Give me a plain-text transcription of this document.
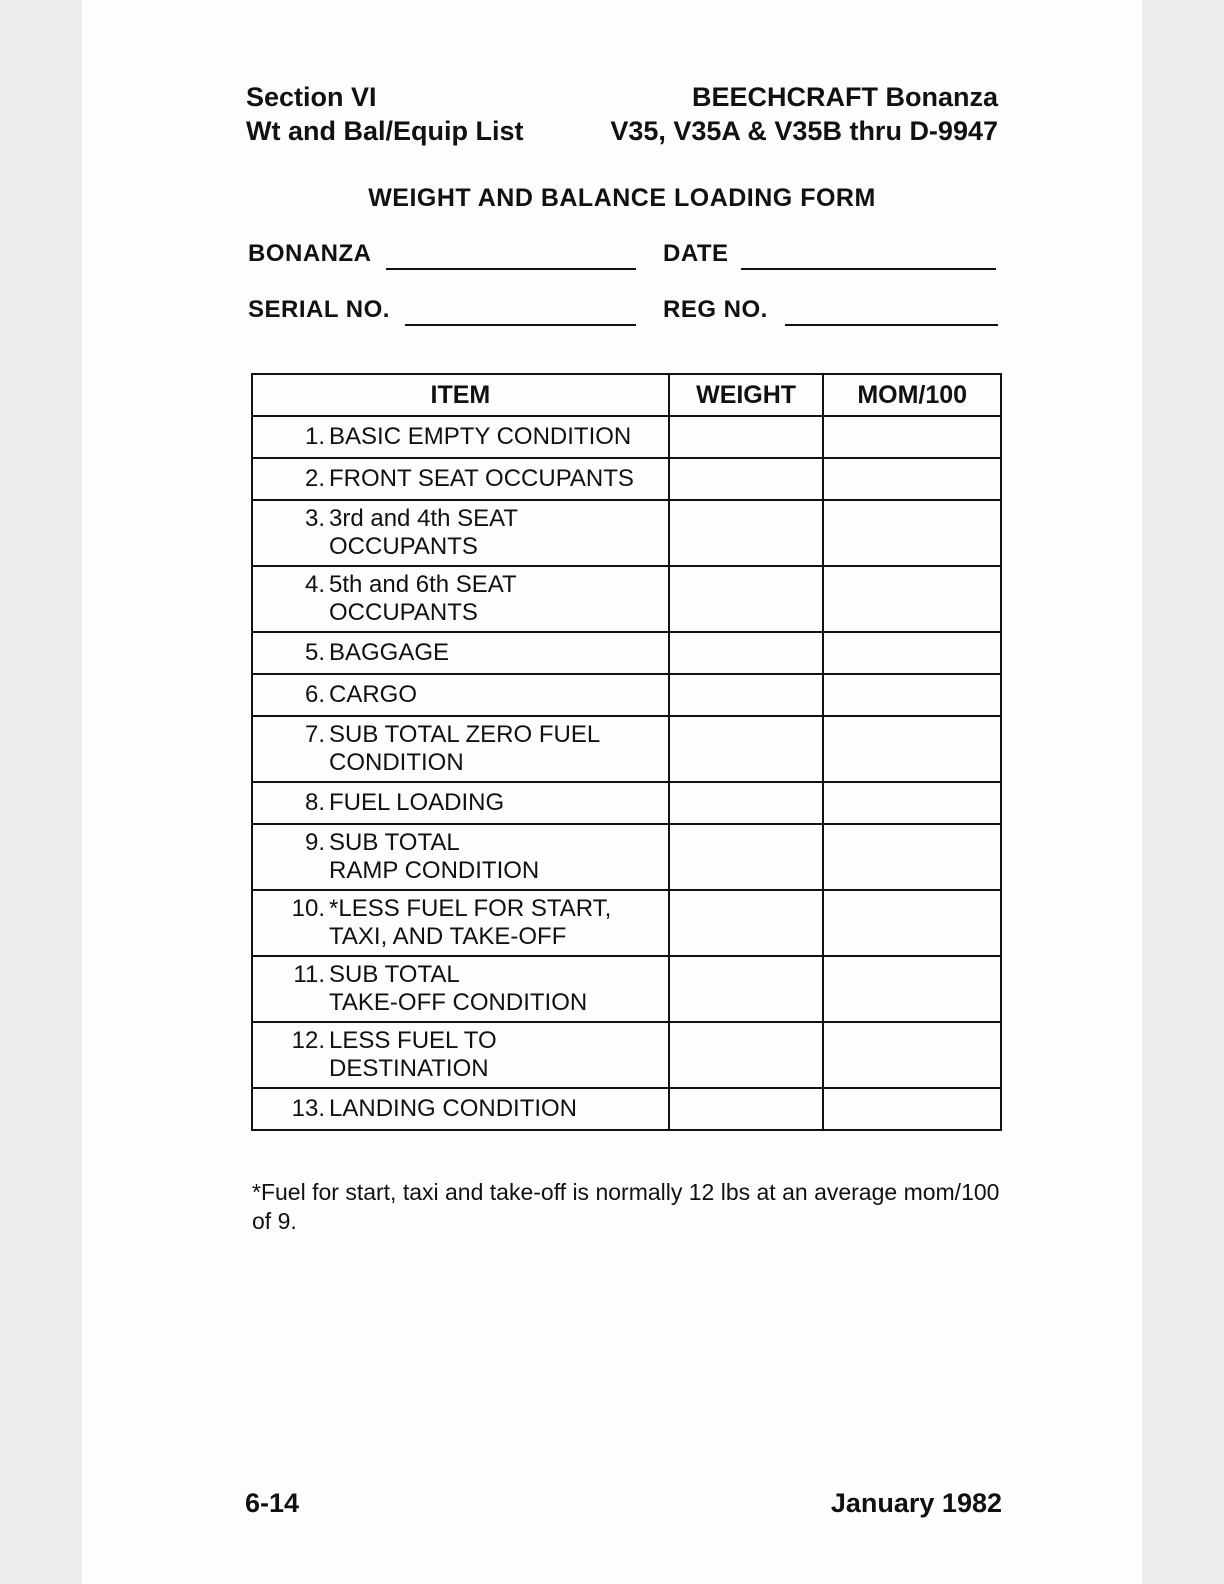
Section VI
Wt and Bal/Equip List
BEECHCRAFT Bonanza
V35, V35A & V35B thru D-9947
WEIGHT AND BALANCE LOADING FORM
BONANZA	DATE
SERIAL NO.	REG NO.
ITEM	WEIGHT	MOM/100

1. BASIC EMPTY CONDITION		

2. FRONT SEAT OCCUPANTS		

3. 3rd and 4th SEAT
OCCUPANTS		

4. 5th and 6th SEAT
OCCUPANTS		

5. BAGGAGE		

6. CARGO		

7. SUB TOTAL ZERO FUEL
CONDITION		

8. FUEL LOADING		

9. SUB TOTAL
RAMP CONDITION		

10. *LESS FUEL FOR START,
TAXI, AND TAKE-OFF		

11. SUB TOTAL
TAKE-OFF CONDITION		

12. LESS FUEL TO
DESTINATION		

13. LANDING CONDITION		

*Fuel for start, taxi and take-off is normally 12 lbs at an average mom/100 of 9.
6-14	January 1982
